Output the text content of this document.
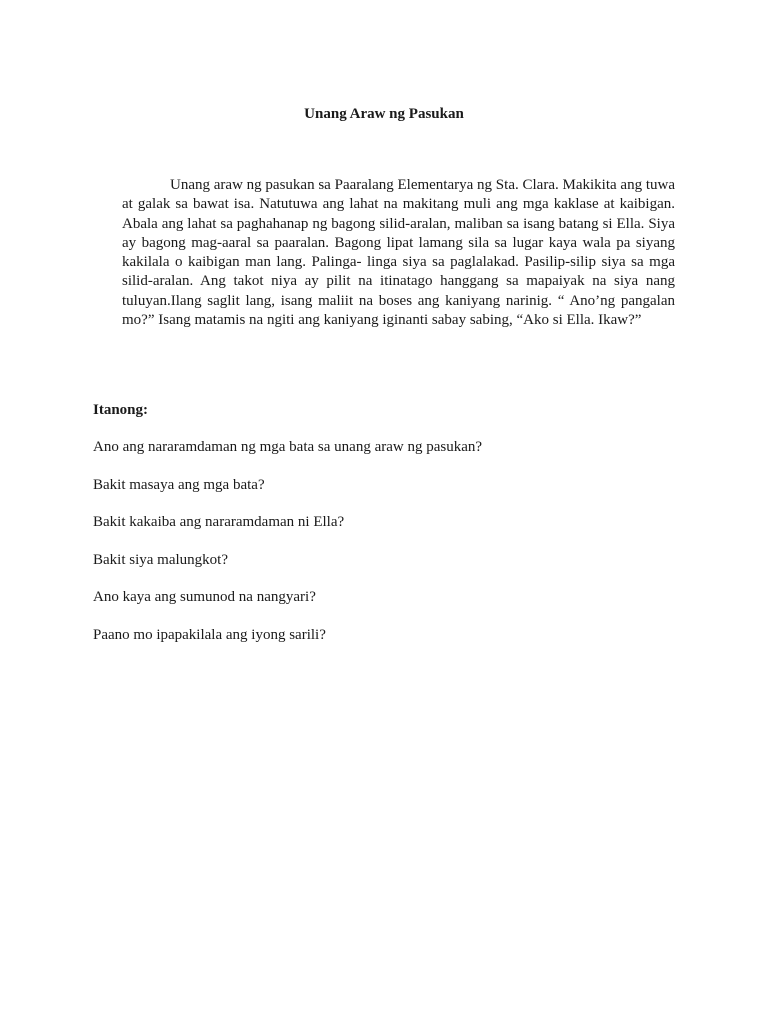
Unang Araw ng Pasukan

Unang araw ng pasukan sa Paaralang Elementarya ng Sta. Clara. Makikita ang tuwa at galak sa bawat isa. Natutuwa ang lahat na makitang muli ang mga kaklase at kaibigan. Abala ang lahat sa paghahanap ng bagong silid-aralan, maliban sa isang batang si Ella. Siya ay bagong mag-aaral sa paaralan. Bagong lipat lamang sila sa lugar kaya wala pa siyang kakilala o kaibigan man lang. Palinga- linga siya sa paglalakad. Pasilip-silip siya sa mga silid-aralan. Ang takot niya ay pilit na itinatago hanggang sa mapaiyak na siya nang tuluyan.Ilang saglit lang, isang maliit na boses ang kaniyang narinig. “ Ano’ng pangalan mo?” Isang matamis na ngiti ang kaniyang iginanti sabay sabing, “Ako si Ella. Ikaw?”

Itanong:
Ano ang nararamdaman ng mga bata sa unang araw ng pasukan?
Bakit masaya ang mga bata?
Bakit kakaiba ang nararamdaman ni Ella?
Bakit siya malungkot?
Ano kaya ang sumunod na nangyari?
Paano mo ipapakilala ang iyong sarili?
